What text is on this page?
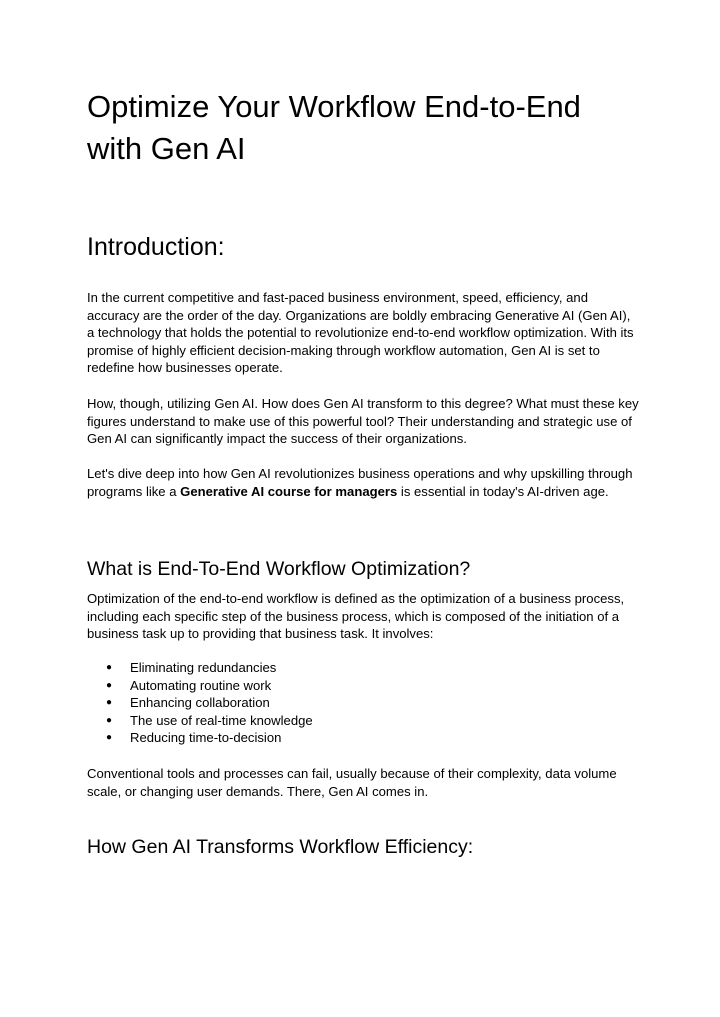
Optimize Your Workflow End-to-End with Gen AI
Introduction:

In the current competitive and fast-paced business environment, speed, efficiency, and accuracy are the order of the day. Organizations are boldly embracing Generative AI (Gen AI), a technology that holds the potential to revolutionize end-to-end workflow optimization. With its promise of highly efficient decision-making through workflow automation, Gen AI is set to redefine how businesses operate.

How, though, utilizing Gen AI. How does Gen AI transform to this degree? What must these key figures understand to make use of this powerful tool? Their understanding and strategic use of Gen AI can significantly impact the success of their organizations.

Let's dive deep into how Gen AI revolutionizes business operations and why upskilling through programs like a Generative AI course for managers is essential in today's AI-driven age.

What is End-To-End Workflow Optimization?

Optimization of the end-to-end workflow is defined as the optimization of a business process, including each specific step of the business process, which is composed of the initiation of a business task up to providing that business task. It involves:

● Eliminating redundancies
● Automating routine work
● Enhancing collaboration
● The use of real-time knowledge
● Reducing time-to-decision

Conventional tools and processes can fail, usually because of their complexity, data volume scale, or changing user demands. There, Gen AI comes in.

How Gen AI Transforms Workflow Efficiency:
